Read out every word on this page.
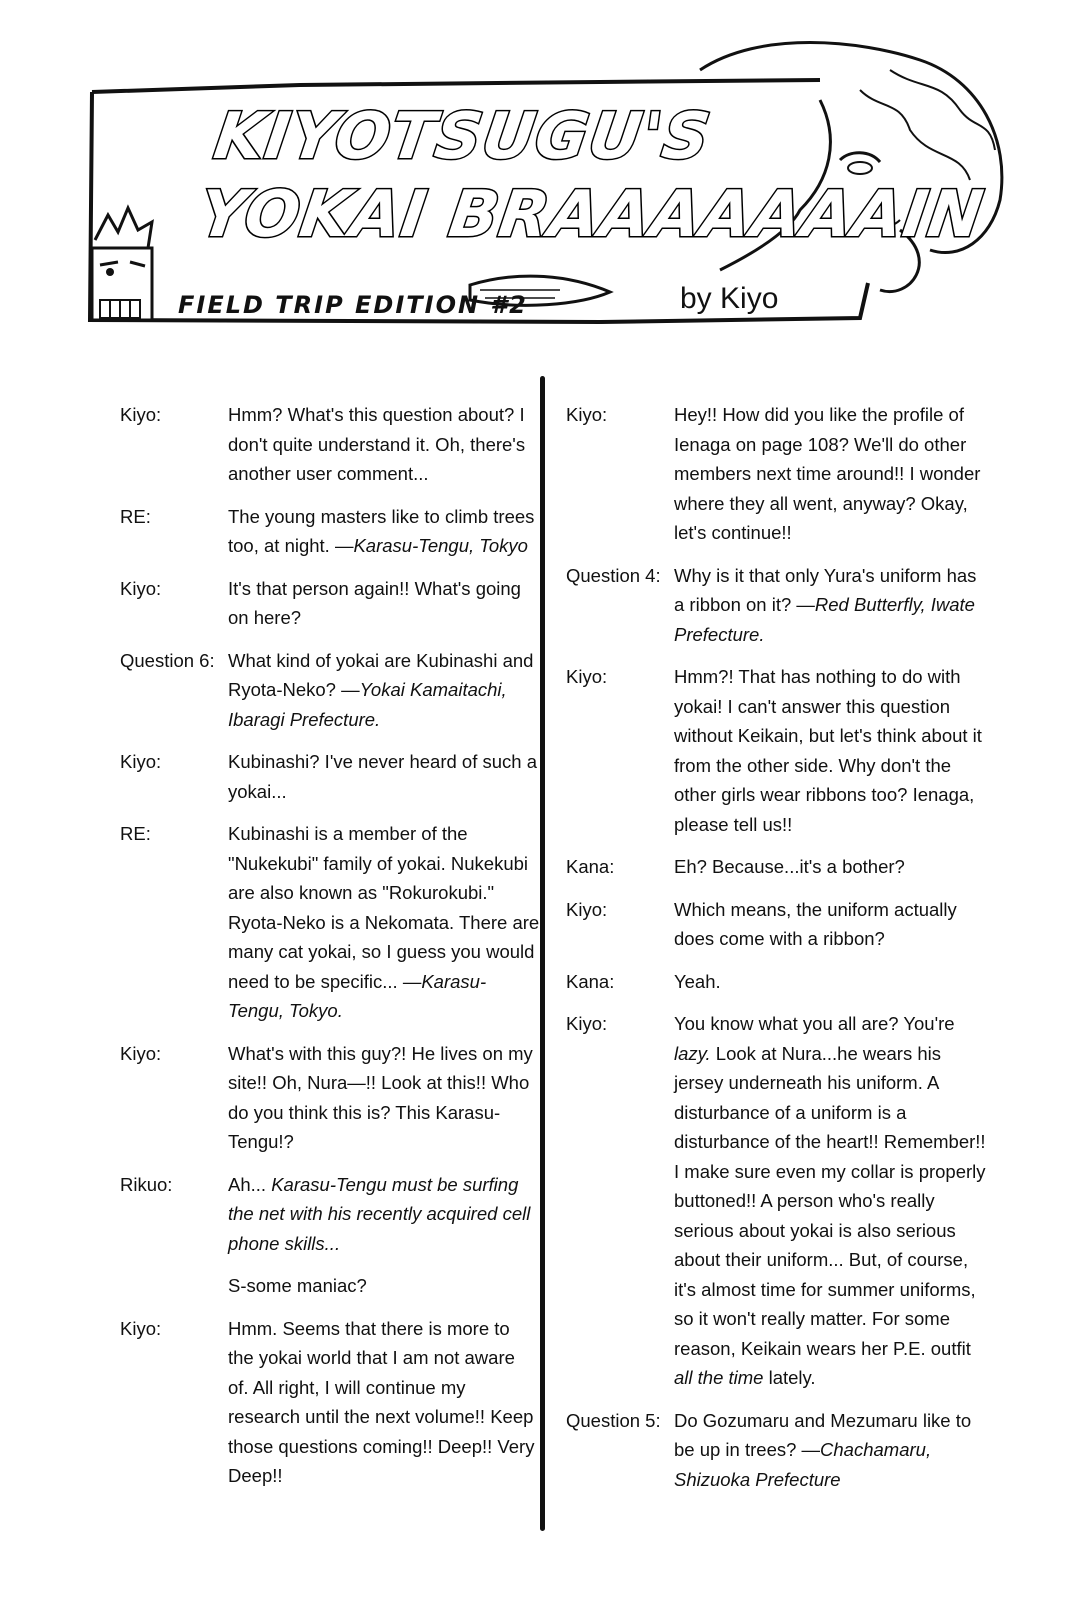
KIYOTSUGU'S
YOKAI BRAAAAAAAIN
FIELD TRIP EDITION #2	by Kiyo
Kiyo:	Hmm? What's this question about? I don't quite understand it. Oh, there's another user comment...
RE:	The young masters like to climb trees too, at night. —Karasu-Tengu, Tokyo
Kiyo:	It's that person again!! What's going on here?
Question 6: What kind of yokai are Kubinashi and Ryota-Neko? —Yokai Kamaitachi, Ibaragi Prefecture.
Kiyo:	Kubinashi? I've never heard of such a yokai...
RE:	Kubinashi is a member of the "Nukekubi" family of yokai. Nukekubi are also known as "Rokurokubi." Ryota-Neko is a Nekomata. There are many cat yokai, so I guess you would need to be specific... —Karasu-Tengu, Tokyo.
Kiyo:	What's with this guy?! He lives on my site!! Oh, Nura—!! Look at this!! Who do you think this is? This Karasu-Tengu!?
Rikuo:	Ah... Karasu-Tengu must be surfing the net with his recently acquired cell phone skills...
S-some maniac?
Kiyo:	Hmm. Seems that there is more to the yokai world that I am not aware of. All right, I will continue my research until the next volume!! Keep those questions coming!! Deep!! Very Deep!!
Kiyo:	Hey!! How did you like the profile of Ienaga on page 108? We'll do other members next time around!! I wonder where they all went, anyway? Okay, let's continue!!
Question 4: Why is it that only Yura's uniform has a ribbon on it? —Red Butterfly, Iwate Prefecture.
Kiyo:	Hmm?! That has nothing to do with yokai! I can't answer this question without Keikain, but let's think about it from the other side. Why don't the other girls wear ribbons too? Ienaga, please tell us!!
Kana:	Eh? Because...it's a bother?
Kiyo:	Which means, the uniform actually does come with a ribbon?
Kana:	Yeah.
Kiyo:	You know what you all are? You're lazy. Look at Nura...he wears his jersey underneath his uniform. A disturbance of a uniform is a disturbance of the heart!! Remember!! I make sure even my collar is properly buttoned!! A person who's really serious about yokai is also serious about their uniform... But, of course, it's almost time for summer uniforms, so it won't really matter. For some reason, Keikain wears her P.E. outfit all the time lately.
Question 5: Do Gozumaru and Mezumaru like to be up in trees? —Chachamaru, Shizuoka Prefecture
